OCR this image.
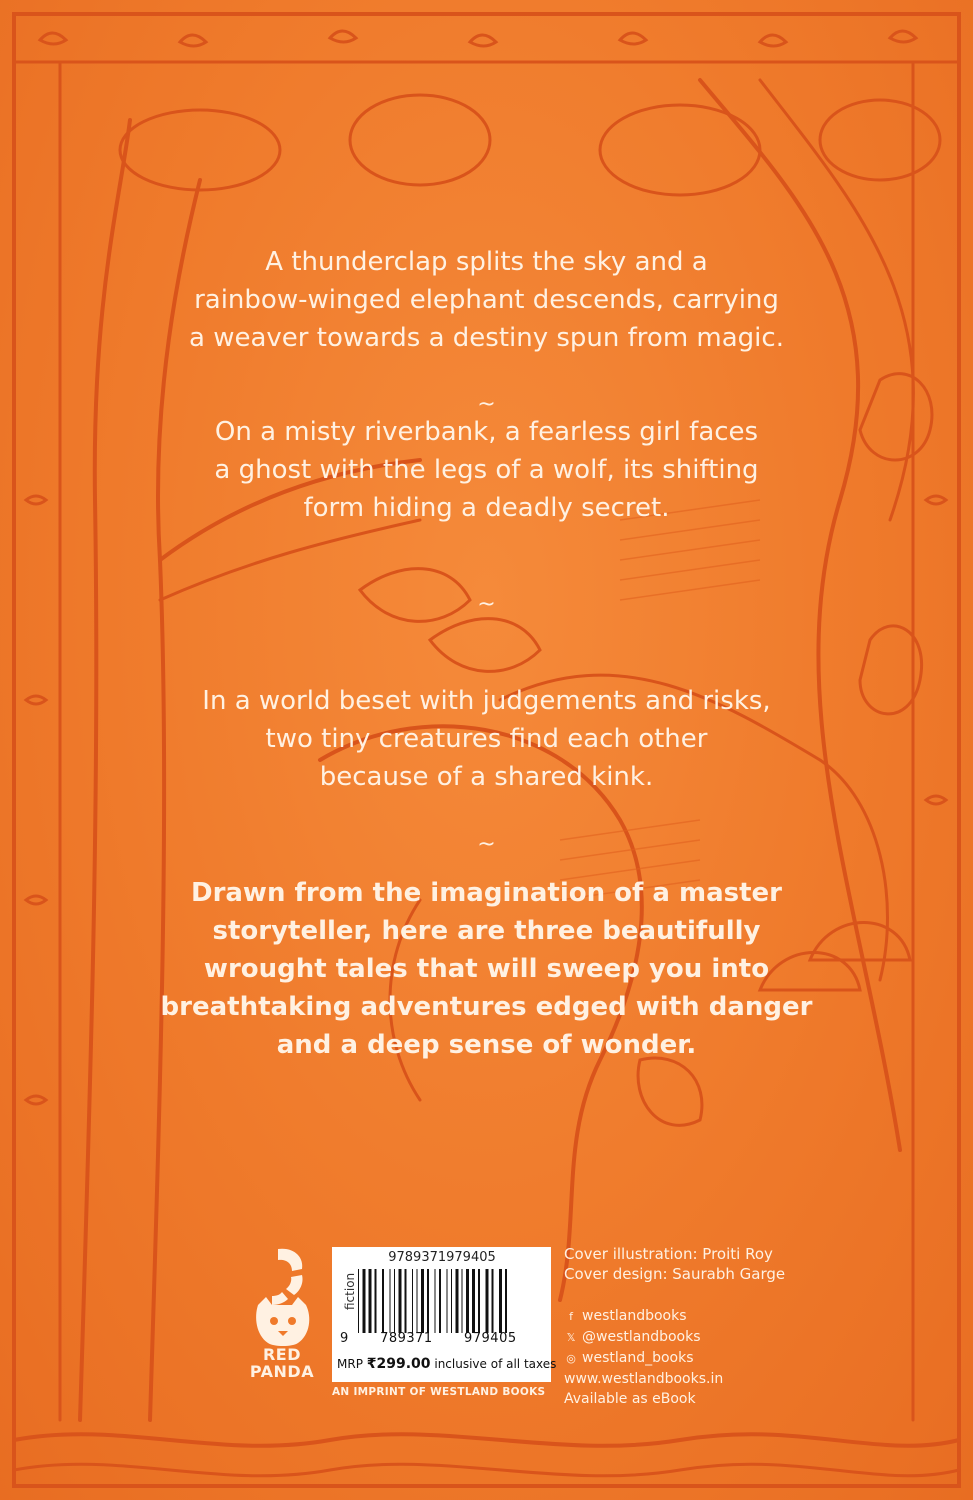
A thunderclap splits the sky and a

rainbow-winged elephant descends, carrying

a weaver towards a destiny spun from magic.

~

On a misty riverbank, a fearless girl faces

a ghost with the legs of a wolf, its shifting

form hiding a deadly secret.

~

In a world beset with judgements and risks,

two tiny creatures find each other

because of a shared kink.

~

Drawn from the imagination of a master

storyteller, here are three beautifully

wrought tales that will sweep you into

breathtaking adventures edged with danger

and a deep sense of wonder.

RED
PANDA
9789371979405
9 789371 979405
MRP ₹299.00 inclusive of all taxes
fiction
AN IMPRINT OF WESTLAND BOOKS
Cover illustration: Proiti Roy
Cover design: Saurabh Garge
f westlandbooks
𝕏 @westlandbooks
◎ westland_books
www.westlandbooks.in
Available as eBook
